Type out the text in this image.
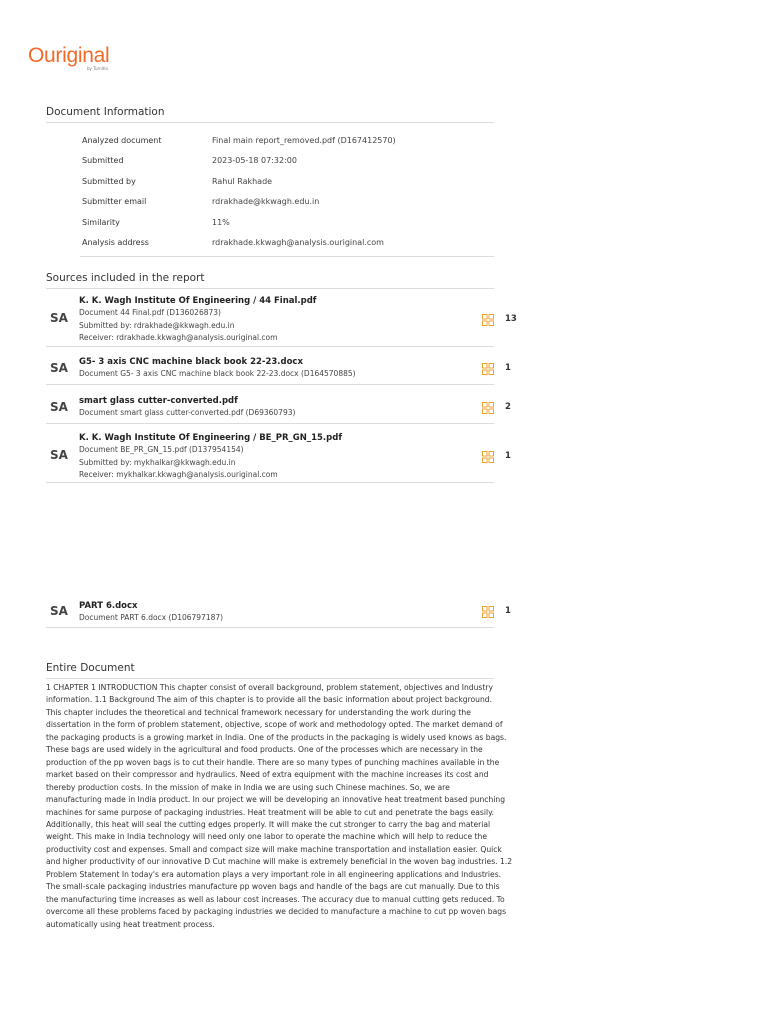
Ouriginal
by Turnitin
Document Information
Analyzed document	Final main report_removed.pdf (D167412570)
Submitted	2023-05-18 07:32:00
Submitted by	Rahul Rakhade
Submitter email	rdrakhade@kkwagh.edu.in
Similarity	11%
Analysis address	rdrakhade.kkwagh@analysis.ouriginal.com
Sources included in the report
SA
K. K. Wagh Institute Of Engineering / 44 Final.pdf
Document 44 Final.pdf (D136026873)
Submitted by: rdrakhade@kkwagh.edu.in
Receiver: rdrakhade.kkwagh@analysis.ouriginal.com
13
SA G5- 3 axis CNC machine black book 22-23.docx
Document G5- 3 axis CNC machine black book 22-23.docx (D164570885)
1
SA smart glass cutter-converted.pdf
Document smart glass cutter-converted.pdf (D69360793)
2
SA
K. K. Wagh Institute Of Engineering / BE_PR_GN_15.pdf
Document BE_PR_GN_15.pdf (D137954154)
Submitted by: mykhalkar@kkwagh.edu.in
Receiver: mykhalkar.kkwagh@analysis.ouriginal.com
1
SA PART 6.docx
Document PART 6.docx (D106797187)
1
Entire Document
1 CHAPTER 1 INTRODUCTION This chapter consist of overall background, problem statement, objectives and Industry
information. 1.1 Background The aim of this chapter is to provide all the basic information about project background.
This chapter includes the theoretical and technical framework necessary for understanding the work during the
dissertation in the form of problem statement, objective, scope of work and methodology opted. The market demand of
the packaging products is a growing market in India. One of the products in the packaging is widely used knows as bags.
These bags are used widely in the agricultural and food products. One of the processes which are necessary in the
production of the pp woven bags is to cut their handle. There are so many types of punching machines available in the
market based on their compressor and hydraulics. Need of extra equipment with the machine increases its cost and
thereby production costs. In the mission of make in India we are using such Chinese machines. So, we are
manufacturing made in India product. In our project we will be developing an innovative heat treatment based punching
machines for same purpose of packaging industries. Heat treatment will be able to cut and penetrate the bags easily.
Additionally, this heat will seal the cutting edges properly. It will make the cut stronger to carry the bag and material
weight. This make in India technology will need only one labor to operate the machine which will help to reduce the
productivity cost and expenses. Small and compact size will make machine transportation and installation easier. Quick
and higher productivity of our innovative D Cut machine will make is extremely beneficial in the woven bag industries. 1.2
Problem Statement In today's era automation plays a very important role in all engineering applications and Industries.
The small-scale packaging industries manufacture pp woven bags and handle of the bags are cut manually. Due to this
the manufacturing time increases as well as labour cost increases. The accuracy due to manual cutting gets reduced. To
overcome all these problems faced by packaging industries we decided to manufacture a machine to cut pp woven bags
automatically using heat treatment process.
